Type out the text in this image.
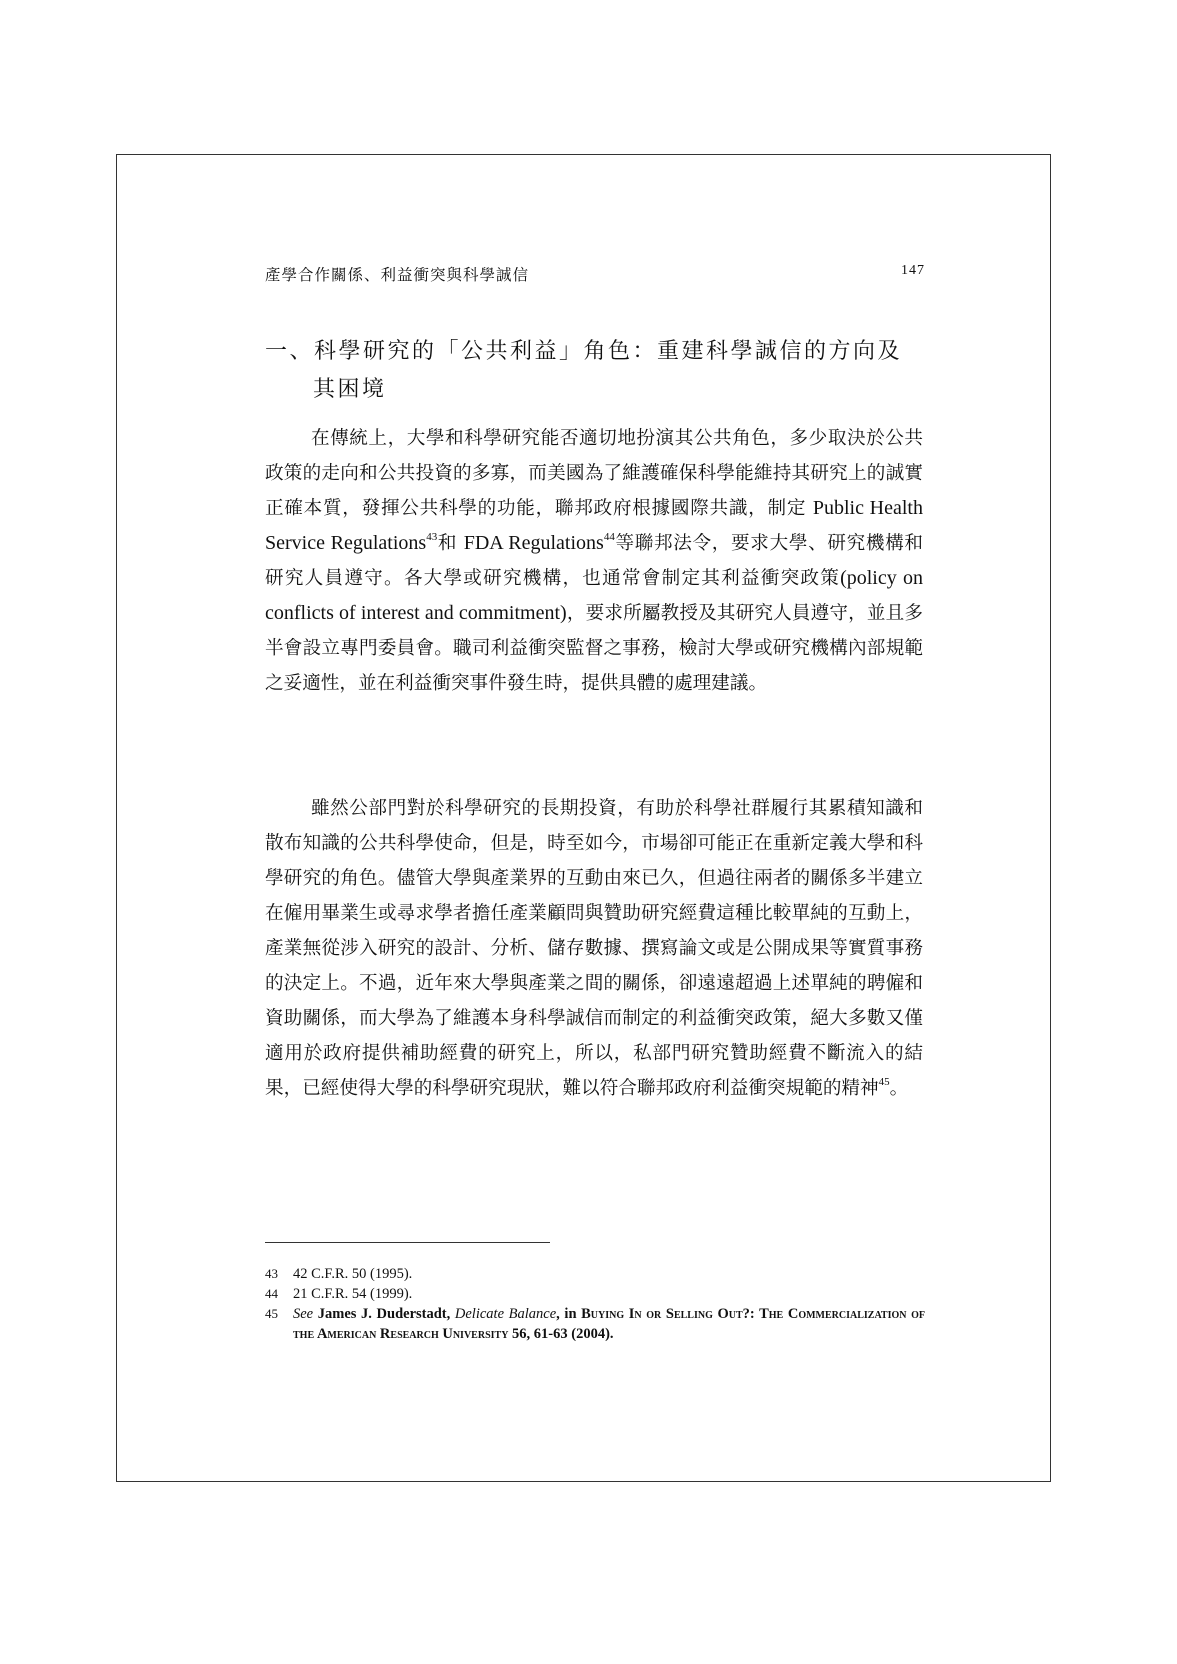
產學合作關係、利益衝突與科學誠信	147
一、科學研究的「公共利益」角色：重建科學誠信的方向及
其困境

在傳統上，大學和科學研究能否適切地扮演其公共角色，多少取決於公共政策的走向和公共投資的多寡，而美國為了維護確保科學能維持其研究上的誠實正確本質，發揮公共科學的功能，聯邦政府根據國際共識，制定 Public Health Service Regulations$^{43}$和 FDA Regulations$^{44}$等聯邦法令，要求大學、研究機構和研究人員遵守。各大學或研究機構，也通常會制定其利益衝突政策(policy on conflicts of interest and commitment)，要求所屬教授及其研究人員遵守，並且多半會設立專門委員會。職司利益衝突監督之事務，檢討大學或研究機構內部規範之妥適性，並在利益衝突事件發生時，提供具體的處理建議。

雖然公部門對於科學研究的長期投資，有助於科學社群履行其累積知識和散布知識的公共科學使命，但是，時至如今，市場卻可能正在重新定義大學和科學研究的角色。儘管大學與產業界的互動由來已久，但過往兩者的關係多半建立在僱用畢業生或尋求學者擔任產業顧問與贊助研究經費這種比較單純的互動上，產業無從涉入研究的設計、分析、儲存數據、撰寫論文或是公開成果等實質事務的決定上。不過，近年來大學與產業之間的關係，卻遠遠超過上述單純的聘僱和資助關係，而大學為了維護本身科學誠信而制定的利益衝突政策，絕大多數又僅適用於政府提供補助經費的研究上，所以，私部門研究贊助經費不斷流入的結果，已經使得大學的科學研究現狀，難以符合聯邦政府利益衝突規範的精神$^{45}$。

43	42 C.F.R. 50 (1995).
44	21 C.F.R. 54 (1999).
45	See James J. Duderstadt, Delicate Balance, in Buying In or Selling Out?: The Commercialization of the American Research University 56, 61-63 (2004).
